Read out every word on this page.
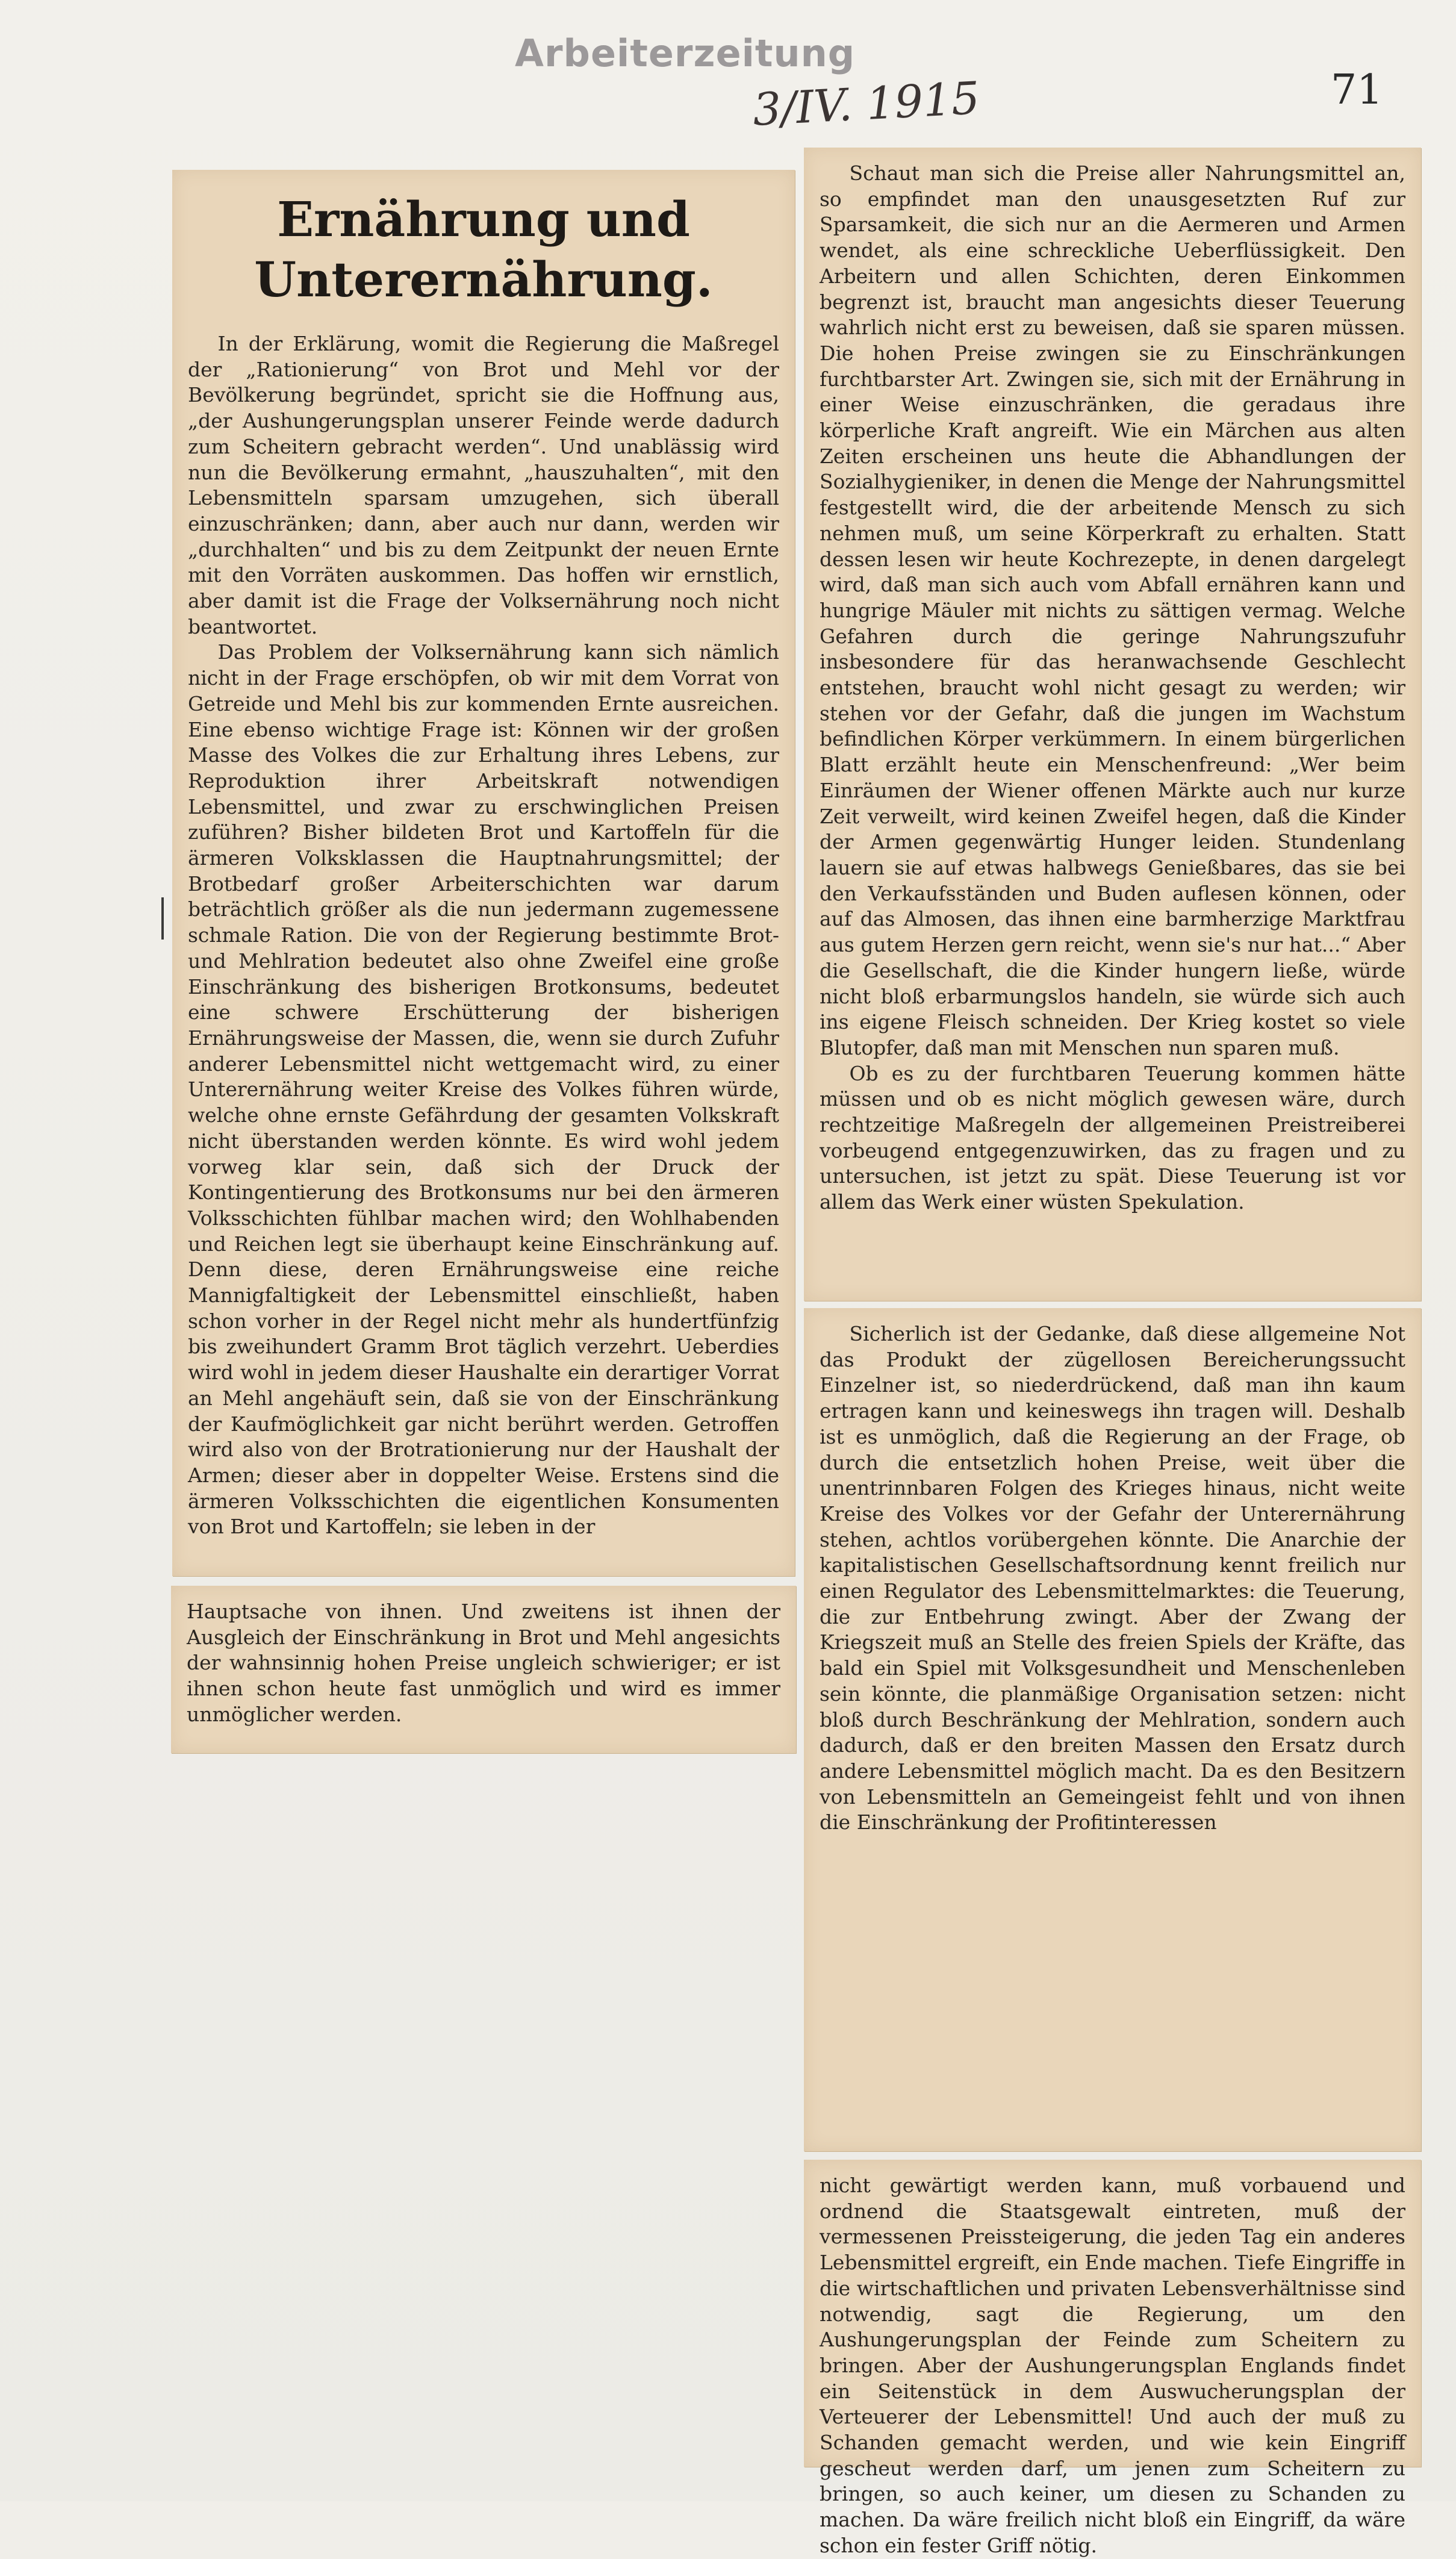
Arbeiterzeitung
3/IV. 1915	71
Ernährung und Unterernährung.

In der Erklärung, womit die Regierung die Maßregel der „Rationierung“ von Brot und Mehl vor der Bevölkerung begründet, spricht sie die Hoffnung aus, „der Aushungerungsplan unserer Feinde werde dadurch zum Scheitern gebracht werden“. Und unablässig wird nun die Bevölkerung ermahnt, „hauszuhalten“, mit den Lebensmitteln sparsam umzugehen, sich überall einzuschränken; dann, aber auch nur dann, werden wir „durchhalten“ und bis zu dem Zeitpunkt der neuen Ernte mit den Vorräten auskommen. Das hoffen wir ernstlich, aber damit ist die Frage der Volksernährung noch nicht beantwortet.

Das Problem der Volksernährung kann sich nämlich nicht in der Frage erschöpfen, ob wir mit dem Vorrat von Getreide und Mehl bis zur kommenden Ernte ausreichen. Eine ebenso wichtige Frage ist: Können wir der großen Masse des Volkes die zur Erhaltung ihres Lebens, zur Reproduktion ihrer Arbeitskraft notwendigen Lebensmittel, und zwar zu erschwinglichen Preisen zuführen? Bisher bildeten Brot und Kartoffeln für die ärmeren Volksklassen die Hauptnahrungsmittel; der Brotbedarf großer Arbeiterschichten war darum beträchtlich größer als die nun jedermann zugemessene schmale Ration. Die von der Regierung bestimmte Brot- und Mehlration bedeutet also ohne Zweifel eine große Einschränkung des bisherigen Brotkonsums, bedeutet eine schwere Erschütterung der bisherigen Ernährungsweise der Massen, die, wenn sie durch Zufuhr anderer Lebensmittel nicht wettgemacht wird, zu einer Unterernährung weiter Kreise des Volkes führen würde, welche ohne ernste Gefährdung der gesamten Volkskraft nicht überstanden werden könnte. Es wird wohl jedem vorweg klar sein, daß sich der Druck der Kontingentierung des Brotkonsums nur bei den ärmeren Volksschichten fühlbar machen wird; den Wohlhabenden und Reichen legt sie überhaupt keine Einschränkung auf. Denn diese, deren Ernährungsweise eine reiche Mannigfaltigkeit der Lebensmittel einschließt, haben schon vorher in der Regel nicht mehr als hundertfünfzig bis zweihundert Gramm Brot täglich verzehrt. Ueberdies wird wohl in jedem dieser Haushalte ein derartiger Vorrat an Mehl angehäuft sein, daß sie von der Einschränkung der Kaufmöglichkeit gar nicht berührt werden. Getroffen wird also von der Brotrationierung nur der Haushalt der Armen; dieser aber in doppelter Weise. Erstens sind die ärmeren Volksschichten die eigentlichen Konsumenten von Brot und Kartoffeln; sie leben in der

Hauptsache von ihnen. Und zweitens ist ihnen der Ausgleich der Einschränkung in Brot und Mehl angesichts der wahnsinnig hohen Preise ungleich schwieriger; er ist ihnen schon heute fast unmöglich und wird es immer unmöglicher werden.

Schaut man sich die Preise aller Nahrungsmittel an, so empfindet man den unausgesetzten Ruf zur Sparsamkeit, die sich nur an die Aermeren und Armen wendet, als eine schreckliche Ueberflüssigkeit. Den Arbeitern und allen Schichten, deren Einkommen begrenzt ist, braucht man angesichts dieser Teuerung wahrlich nicht erst zu beweisen, daß sie sparen müssen. Die hohen Preise zwingen sie zu Einschränkungen furchtbarster Art. Zwingen sie, sich mit der Ernährung in einer Weise einzuschränken, die geradaus ihre körperliche Kraft angreift. Wie ein Märchen aus alten Zeiten erscheinen uns heute die Abhandlungen der Sozialhygieniker, in denen die Menge der Nahrungsmittel festgestellt wird, die der arbeitende Mensch zu sich nehmen muß, um seine Körperkraft zu erhalten. Statt dessen lesen wir heute Kochrezepte, in denen dargelegt wird, daß man sich auch vom Abfall ernähren kann und hungrige Mäuler mit nichts zu sättigen vermag. Welche Gefahren durch die geringe Nahrungszufuhr insbesondere für das heranwachsende Geschlecht entstehen, braucht wohl nicht gesagt zu werden; wir stehen vor der Gefahr, daß die jungen im Wachstum befindlichen Körper verkümmern. In einem bürgerlichen Blatt erzählt heute ein Menschenfreund: „Wer beim Einräumen der Wiener offenen Märkte auch nur kurze Zeit verweilt, wird keinen Zweifel hegen, daß die Kinder der Armen gegenwärtig Hunger leiden. Stundenlang lauern sie auf etwas halbwegs Genießbares, das sie bei den Verkaufsständen und Buden auflesen können, oder auf das Almosen, das ihnen eine barmherzige Marktfrau aus gutem Herzen gern reicht, wenn sie's nur hat...“ Aber die Gesellschaft, die die Kinder hungern ließe, würde nicht bloß erbarmungslos handeln, sie würde sich auch ins eigene Fleisch schneiden. Der Krieg kostet so viele Blutopfer, daß man mit Menschen nun sparen muß.

Ob es zu der furchtbaren Teuerung kommen hätte müssen und ob es nicht möglich gewesen wäre, durch rechtzeitige Maßregeln der allgemeinen Preistreiberei vorbeugend entgegenzuwirken, das zu fragen und zu untersuchen, ist jetzt zu spät. Diese Teuerung ist vor allem das Werk einer wüsten Spekulation.

Sicherlich ist der Gedanke, daß diese allgemeine Not das Produkt der zügellosen Bereicherungssucht Einzelner ist, so niederdrückend, daß man ihn kaum ertragen kann und keineswegs ihn tragen will. Deshalb ist es unmöglich, daß die Regierung an der Frage, ob durch die entsetzlich hohen Preise, weit über die unentrinnbaren Folgen des Krieges hinaus, nicht weite Kreise des Volkes vor der Gefahr der Unterernährung stehen, achtlos vorübergehen könnte. Die Anarchie der kapitalistischen Gesellschaftsordnung kennt freilich nur einen Regulator des Lebensmittelmarktes: die Teuerung, die zur Entbehrung zwingt. Aber der Zwang der Kriegszeit muß an Stelle des freien Spiels der Kräfte, das bald ein Spiel mit Volksgesundheit und Menschenleben sein könnte, die planmäßige Organisation setzen: nicht bloß durch Beschränkung der Mehlration, sondern auch dadurch, daß er den breiten Massen den Ersatz durch andere Lebensmittel möglich macht. Da es den Besitzern von Lebensmitteln an Gemeingeist fehlt und von ihnen die Einschränkung der Profitinteressen

nicht gewärtigt werden kann, muß vorbauend und ordnend die Staatsgewalt eintreten, muß der vermessenen Preissteigerung, die jeden Tag ein anderes Lebensmittel ergreift, ein Ende machen. Tiefe Eingriffe in die wirtschaftlichen und privaten Lebensverhältnisse sind notwendig, sagt die Regierung, um den Aushungerungsplan der Feinde zum Scheitern zu bringen. Aber der Aushungerungsplan Englands findet ein Seitenstück in dem Auswucherungsplan der Verteuerer der Lebensmittel! Und auch der muß zu Schanden gemacht werden, und wie kein Eingriff gescheut werden darf, um jenen zum Scheitern zu bringen, so auch keiner, um diesen zu Schanden zu machen. Da wäre freilich nicht bloß ein Eingriff, da wäre schon ein fester Griff nötig.
